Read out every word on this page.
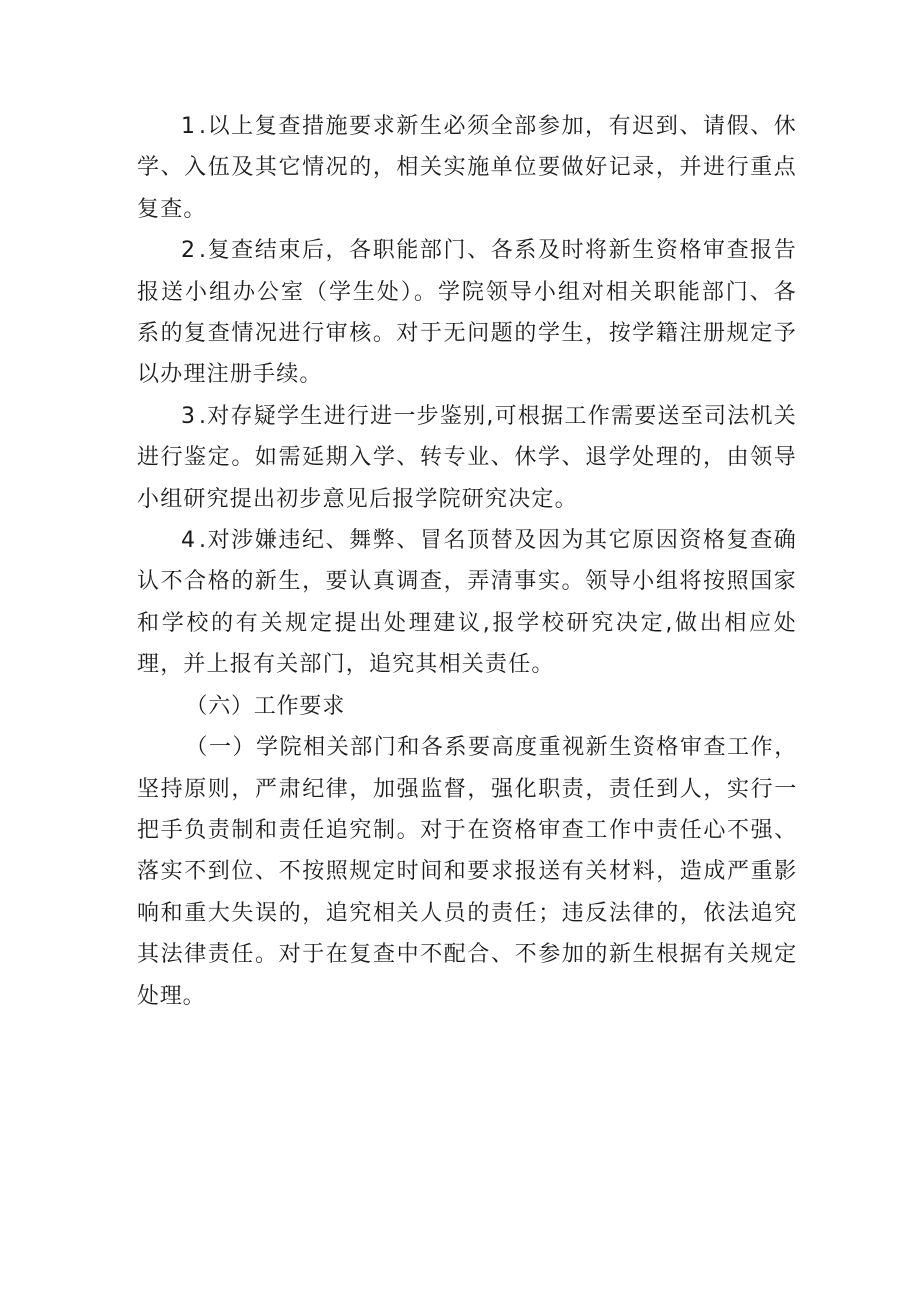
1.以上复查措施要求新生必须全部参加，有迟到、请假、休学、入伍及其它情况的，相关实施单位要做好记录，并进行重点复查。

2.复查结束后，各职能部门、各系及时将新生资格审查报告报送小组办公室（学生处）。学院领导小组对相关职能部门、各系的复查情况进行审核。对于无问题的学生，按学籍注册规定予以办理注册手续。

3.对存疑学生进行进一步鉴别,可根据工作需要送至司法机关进行鉴定。如需延期入学、转专业、休学、退学处理的，由领导小组研究提出初步意见后报学院研究决定。

4.对涉嫌违纪、舞弊、冒名顶替及因为其它原因资格复查确认不合格的新生，要认真调查，弄清事实。领导小组将按照国家和学校的有关规定提出处理建议,报学校研究决定,做出相应处理，并上报有关部门，追究其相关责任。

（六）工作要求

（一）学院相关部门和各系要高度重视新生资格审查工作，坚持原则，严肃纪律，加强监督，强化职责，责任到人，实行一把手负责制和责任追究制。对于在资格审查工作中责任心不强、落实不到位、不按照规定时间和要求报送有关材料，造成严重影响和重大失误的，追究相关人员的责任；违反法律的，依法追究其法律责任。对于在复查中不配合、不参加的新生根据有关规定处理。
